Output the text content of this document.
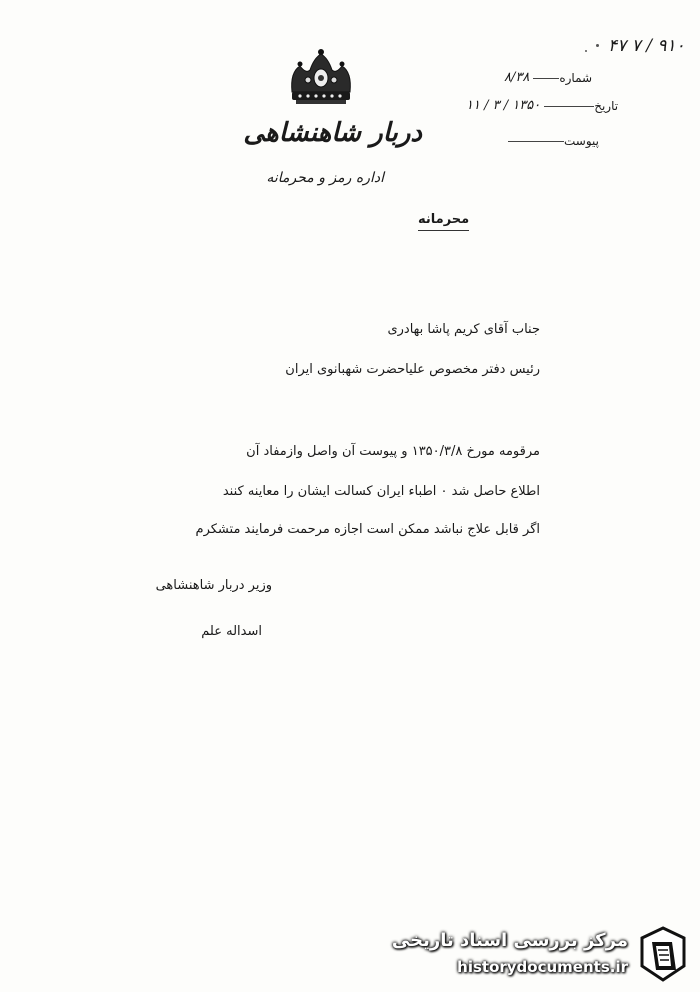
دربار شاهنشاهی
اداره رمز و محرمانه
۴۷ ۷ / ۹۱۰
شماره
۸/۳۸
تاریخ
۱۳۵۰ / ۳ / ۱۱
پیوست
محرمانه
جناب آقای کریم پاشا بهادری
رئیس دفتر مخصوص علیاحضرت شهبانوی ایران
مرقومه مورخ ۱۳۵۰/۳/۸ و پیوست آن واصل وازمفاد آن
اطلاع حاصل شد ۰ اطباء ایران کسالت ایشان را معاینه کنند
اگر قابل علاج نباشد ممکن است اجازه مرحمت فرمایند متشکرم
وزیر دربار شاهنشاهی
اسداله علم
مرکز بررسی اسناد تاریخی
historydocuments.ir
